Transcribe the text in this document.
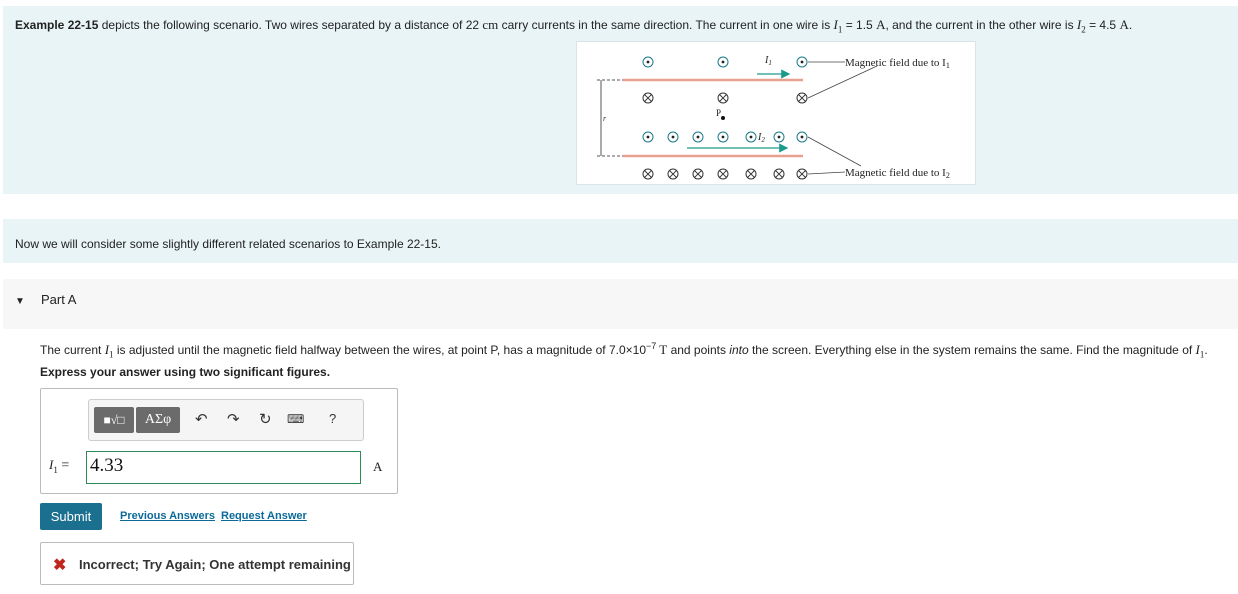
Example 22-15 depicts the following scenario. Two wires separated by a distance of 22 cm carry currents in the same direction. The current in one wire is $I_1 = 1.5$ A, and the current in the other wire is $I_2 = 4.5$ A.
r
$I_1$
P
$I_2$
Magnetic field due to I1
Magnetic field due to I2
Now we will consider some slightly different related scenarios to Example 22-15.
▼ Part A
The current $I_1$ is adjusted until the magnetic field halfway between the wires, at point P, has a magnitude of $7.0\times 10^{-7}$ T and points into the screen. Everything else in the system remains the same. Find the magnitude of $I_1$.
Express your answer using two significant figures.
■√□	ΑΣφ	↶ ↷ ↻ ⌨ ?
$I_1 = 4.33$	A
Submit	Previous Answers Request Answer
✖ Incorrect; Try Again; One attempt remaining
